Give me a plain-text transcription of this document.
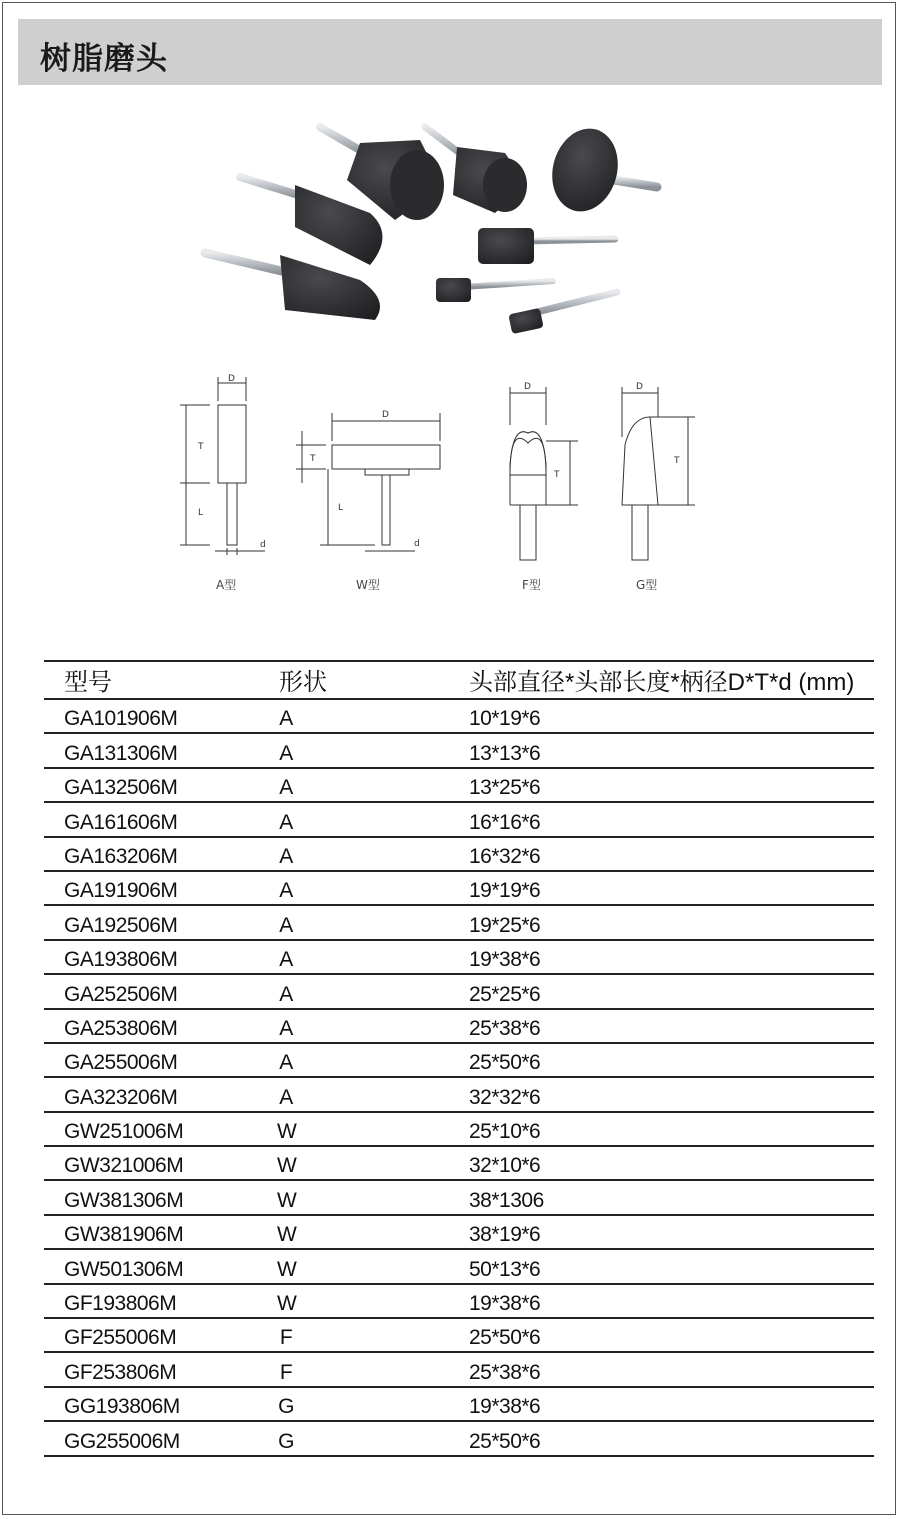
树脂磨头
D
T
L
d
D
T
L
d
D
T
D
T
A型	W型	F型	G型
型号	形状	头部直径*头部长度*柄径D*T*d (mm)
GA101906M	A	10*19*6
GA131306M	A	13*13*6
GA132506M	A	13*25*6
GA161606M	A	16*16*6
GA163206M	A	16*32*6
GA191906M	A	19*19*6
GA192506M	A	19*25*6
GA193806M	A	19*38*6
GA252506M	A	25*25*6
GA253806M	A	25*38*6
GA255006M	A	25*50*6
GA323206M	A	32*32*6
GW251006M	W	25*10*6
GW321006M	W	32*10*6
GW381306M	W	38*1306
GW381906M	W	38*19*6
GW501306M	W	50*13*6
GF193806M	W	19*38*6
GF255006M	F	25*50*6
GF253806M	F	25*38*6
GG193806M	G	19*38*6
GG255006M	G	25*50*6
